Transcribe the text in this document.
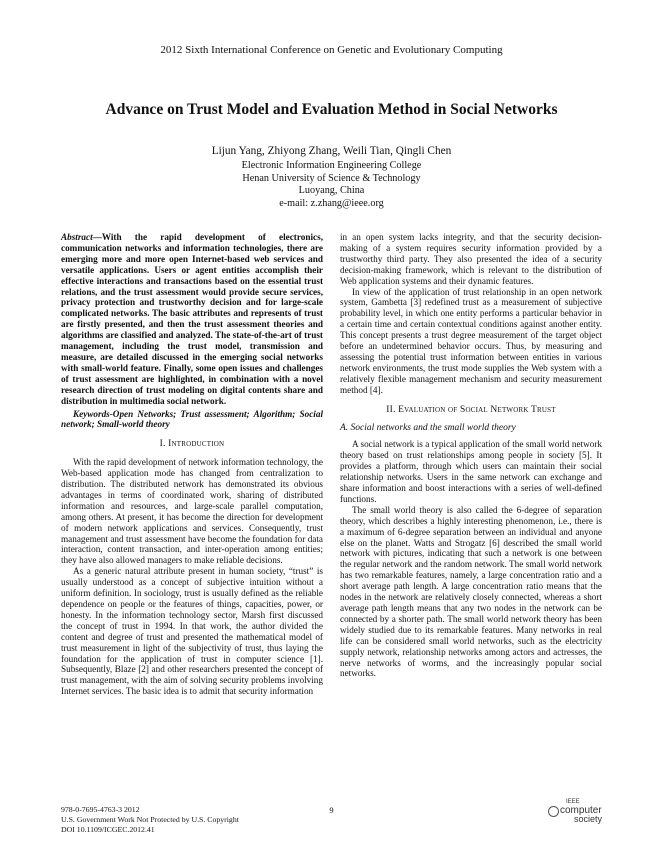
2012 Sixth International Conference on Genetic and Evolutionary Computing
Advance on Trust Model and Evaluation Method in Social Networks
Lijun Yang, Zhiyong Zhang, Weili Tian, Qingli Chen
Electronic Information Engineering College
Henan University of Science & Technology
Luoyang, China
e-mail: z.zhang@ieee.org

Abstract—With the rapid development of electronics, communication networks and information technologies, there are emerging more and more open Internet-based web services and versatile applications. Users or agent entities accomplish their effective interactions and transactions based on the essential trust relations, and the trust assessment would provide secure services, privacy protection and trustworthy decision and for large-scale complicated networks. The basic attributes and represents of trust are firstly presented, and then the trust assessment theories and algorithms are classified and analyzed. The state-of-the-art of trust management, including the trust model, transmission and measure, are detailed discussed in the emerging social networks with small-world feature. Finally, some open issues and challenges of trust assessment are highlighted, in combination with a novel research direction of trust modeling on digital contents share and distribution in multimedia social network.

Keywords-Open Networks; Trust assessment; Algorithm; Social network; Small-world theory

I. Introduction

With the rapid development of network information technology, the Web-based application mode has changed from centralization to distribution. The distributed network has demonstrated its obvious advantages in terms of coordinated work, sharing of distributed information and resources, and large-scale parallel computation, among others. At present, it has become the direction for development of modern network applications and services. Consequently, trust management and trust assessment have become the foundation for data interaction, content transaction, and inter-operation among entities; they have also allowed managers to make reliable decisions.

As a generic natural attribute present in human society, “trust” is usually understood as a concept of subjective intuition without a uniform definition. In sociology, trust is usually defined as the reliable dependence on people or the features of things, capacities, power, or honesty. In the information technology sector, Marsh first discussed the concept of trust in 1994. In that work, the author divided the content and degree of trust and presented the mathematical model of trust measurement in light of the subjectivity of trust, thus laying the foundation for the application of trust in computer science [1]. Subsequently, Blaze [2] and other researchers presented the concept of trust management, with the aim of solving security problems involving Internet services. The basic idea is to admit that security information

in an open system lacks integrity, and that the security decision-making of a system requires security information provided by a trustworthy third party. They also presented the idea of a security decision-making framework, which is relevant to the distribution of Web application systems and their dynamic features.

In view of the application of trust relationship in an open network system, Gambetta [3] redefined trust as a measurement of subjective probability level, in which one entity performs a particular behavior in a certain time and certain contextual conditions against another entity. This concept presents a trust degree measurement of the target object before an undetermined behavior occurs. Thus, by measuring and assessing the potential trust information between entities in various network environments, the trust mode supplies the Web system with a relatively flexible management mechanism and security measurement method [4].

II. Evaluation of Social Network Trust

A. Social networks and the small world theory

A social network is a typical application of the small world network theory based on trust relationships among people in society [5]. It provides a platform, through which users can maintain their social relationship networks. Users in the same network can exchange and share information and boost interactions with a series of well-defined functions.

The small world theory is also called the 6-degree of separation theory, which describes a highly interesting phenomenon, i.e., there is a maximum of 6-degree separation between an individual and anyone else on the planet. Watts and Strogatz [6] described the small world network with pictures, indicating that such a network is one between the regular network and the random network. The small world network has two remarkable features, namely, a large concentration ratio and a short average path length. A large concentration ratio means that the nodes in the network are relatively closely connected, whereas a short average path length means that any two nodes in the network can be connected by a shorter path. The small world network theory has been widely studied due to its remarkable features. Many networks in real life can be considered small world networks, such as the electricity supply network, relationship networks among actors and actresses, the nerve networks of worms, and the increasingly popular social networks.

978-0-7695-4763-3 2012
U.S. Government Work Not Protected by U.S. Copyright
DOI 10.1109/ICGEC.2012.41
9
IEEE
computer
society
